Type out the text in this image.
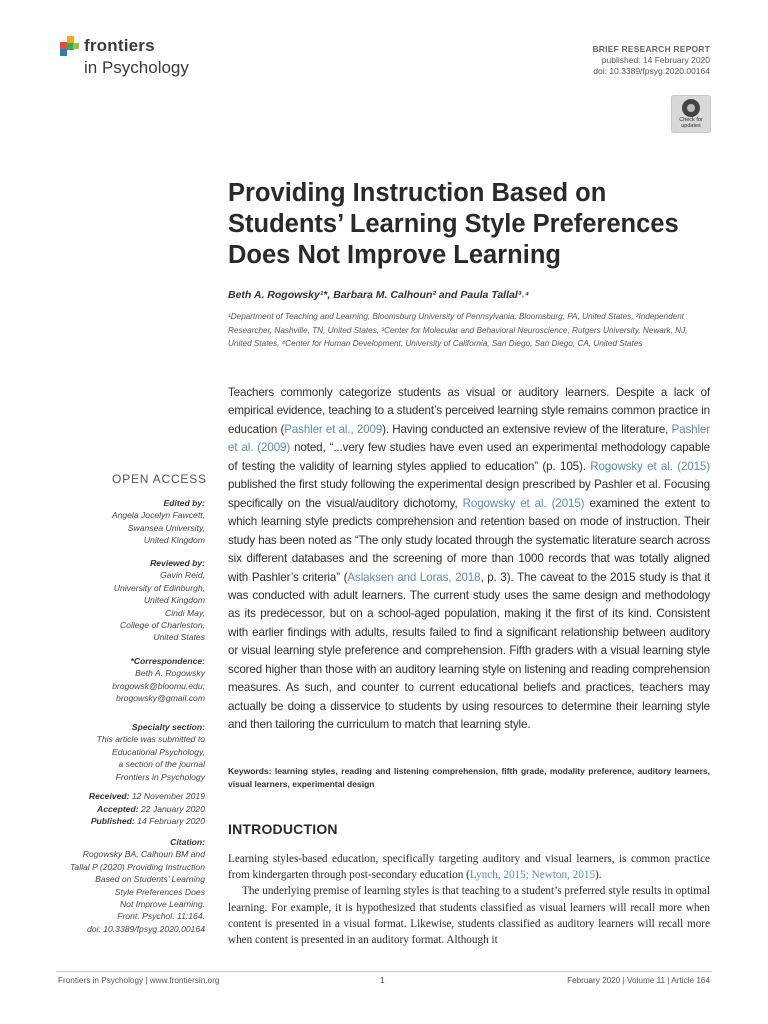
frontiers
in Psychology
BRIEF RESEARCH REPORT
published: 14 February 2020
doi: 10.3389/fpsyg.2020.00164
Check for updates
Providing Instruction Based on Students’ Learning Style Preferences Does Not Improve Learning
Beth A. Rogowsky¹*, Barbara M. Calhoun² and Paula Tallal³˒⁴
¹Department of Teaching and Learning, Bloomsburg University of Pennsylvania, Bloomsburg, PA, United States, ²Independent Researcher, Nashville, TN, United States, ³Center for Molecular and Behavioral Neuroscience, Rutgers University, Newark, NJ, United States, ⁴Center for Human Development, University of California, San Diego, San Diego, CA, United States
OPEN ACCESS
Edited by:
Angela Jocelyn Fawcett,
Swansea University,
United Kingdom
Reviewed by:
Gavin Reid,
University of Edinburgh,
United Kingdom
Cindi May,
College of Charleston,
United States
*Correspondence:
Beth A. Rogowsky
brogowsk@bloomu.edu;
brogowsky@gmail.com
Specialty section:
This article was submitted to
Educational Psychology,
a section of the journal
Frontiers in Psychology
Received: 12 November 2019
Accepted: 22 January 2020
Published: 14 February 2020
Citation:
Rogowsky BA, Calhoun BM and
Tallal P (2020) Providing Instruction
Based on Students’ Learning
Style Preferences Does
Not Improve Learning.
Front. Psychol. 11:164.
doi: 10.3389/fpsyg.2020.00164
Teachers commonly categorize students as visual or auditory learners. Despite a lack of empirical evidence, teaching to a student’s perceived learning style remains common practice in education (Pashler et al., 2009). Having conducted an extensive review of the literature, Pashler et al. (2009) noted, “...very few studies have even used an experimental methodology capable of testing the validity of learning styles applied to education” (p. 105). Rogowsky et al. (2015) published the first study following the experimental design prescribed by Pashler et al. Focusing specifically on the visual/auditory dichotomy, Rogowsky et al. (2015) examined the extent to which learning style predicts comprehension and retention based on mode of instruction. Their study has been noted as “The only study located through the systematic literature search across six different databases and the screening of more than 1000 records that was totally aligned with Pashler’s criteria” (Aslaksen and Loras, 2018, p. 3). The caveat to the 2015 study is that it was conducted with adult learners. The current study uses the same design and methodology as its predecessor, but on a school-aged population, making it the first of its kind. Consistent with earlier findings with adults, results failed to find a significant relationship between auditory or visual learning style preference and comprehension. Fifth graders with a visual learning style scored higher than those with an auditory learning style on listening and reading comprehension measures. As such, and counter to current educational beliefs and practices, teachers may actually be doing a disservice to students by using resources to determine their learning style and then tailoring the curriculum to match that learning style.
Keywords: learning styles, reading and listening comprehension, fifth grade, modality preference, auditory learners, visual learners, experimental design
INTRODUCTION

Learning styles-based education, specifically targeting auditory and visual learners, is common practice from kindergarten through post-secondary education (Lynch, 2015; Newton, 2015).

The underlying premise of learning styles is that teaching to a student’s preferred style results in optimal learning. For example, it is hypothesized that students classified as visual learners will recall more when content is presented in a visual format. Likewise, students classified as auditory learners will recall more when content is presented in an auditory format. Although it

Frontiers in Psychology | www.frontiersin.org	1	February 2020 | Volume 11 | Article 164
